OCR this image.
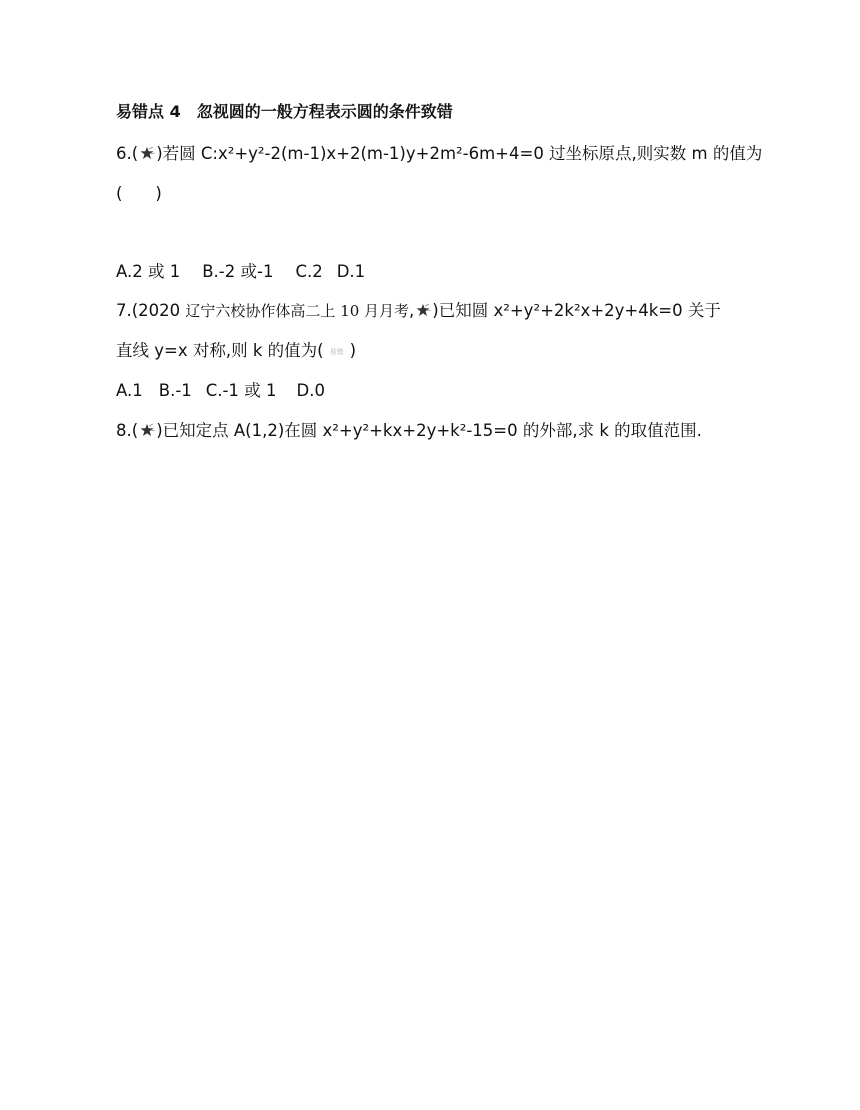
易错点 4　忽视圆的一般方程表示圆的条件致错
6.( )若圆 C:x²+y²-2(m-1)x+2(m-1)y+2m²-6m+4=0 过坐标原点,则实数 m 的值为
(　　)
A.2 或 1 B.-2 或-1 C.2 D.1
7.(2020 辽宁六校协作体高二上 10 月月考, )已知圆 x²+y²+2k²x+2y+4k=0 关于
直线 y=x 对称,则 k 的值为( 易错 )
A.1 B.-1 C.-1 或 1 D.0
8.( )已知定点 A(1,2)在圆 x²+y²+kx+2y+k²-15=0 的外部,求 k 的取值范围.
